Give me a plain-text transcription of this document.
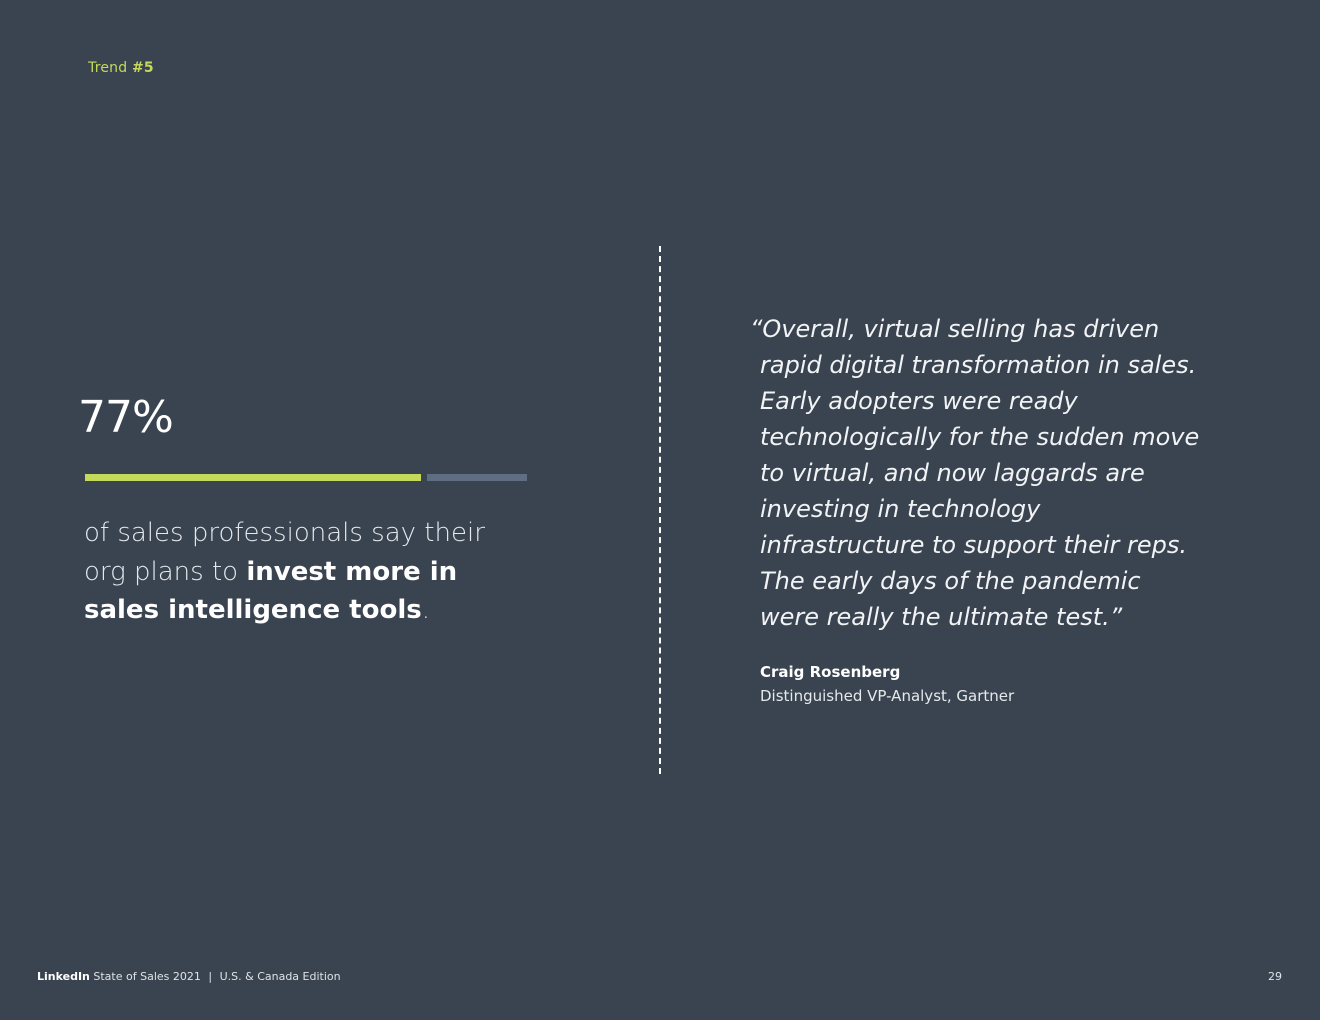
Trend #5
77%
of sales professionals say their org plans to invest more in sales intelligence tools.
“Overall, virtual selling has driven rapid digital transformation in sales. Early adopters were ready technologically for the sudden move to virtual, and now laggards are investing in technology infrastructure to support their reps. The early days of the pandemic were really the ultimate test.”
Craig Rosenberg
Distinguished VP-Analyst, Gartner
LinkedIn State of Sales 2021 | U.S. & Canada Edition	29
